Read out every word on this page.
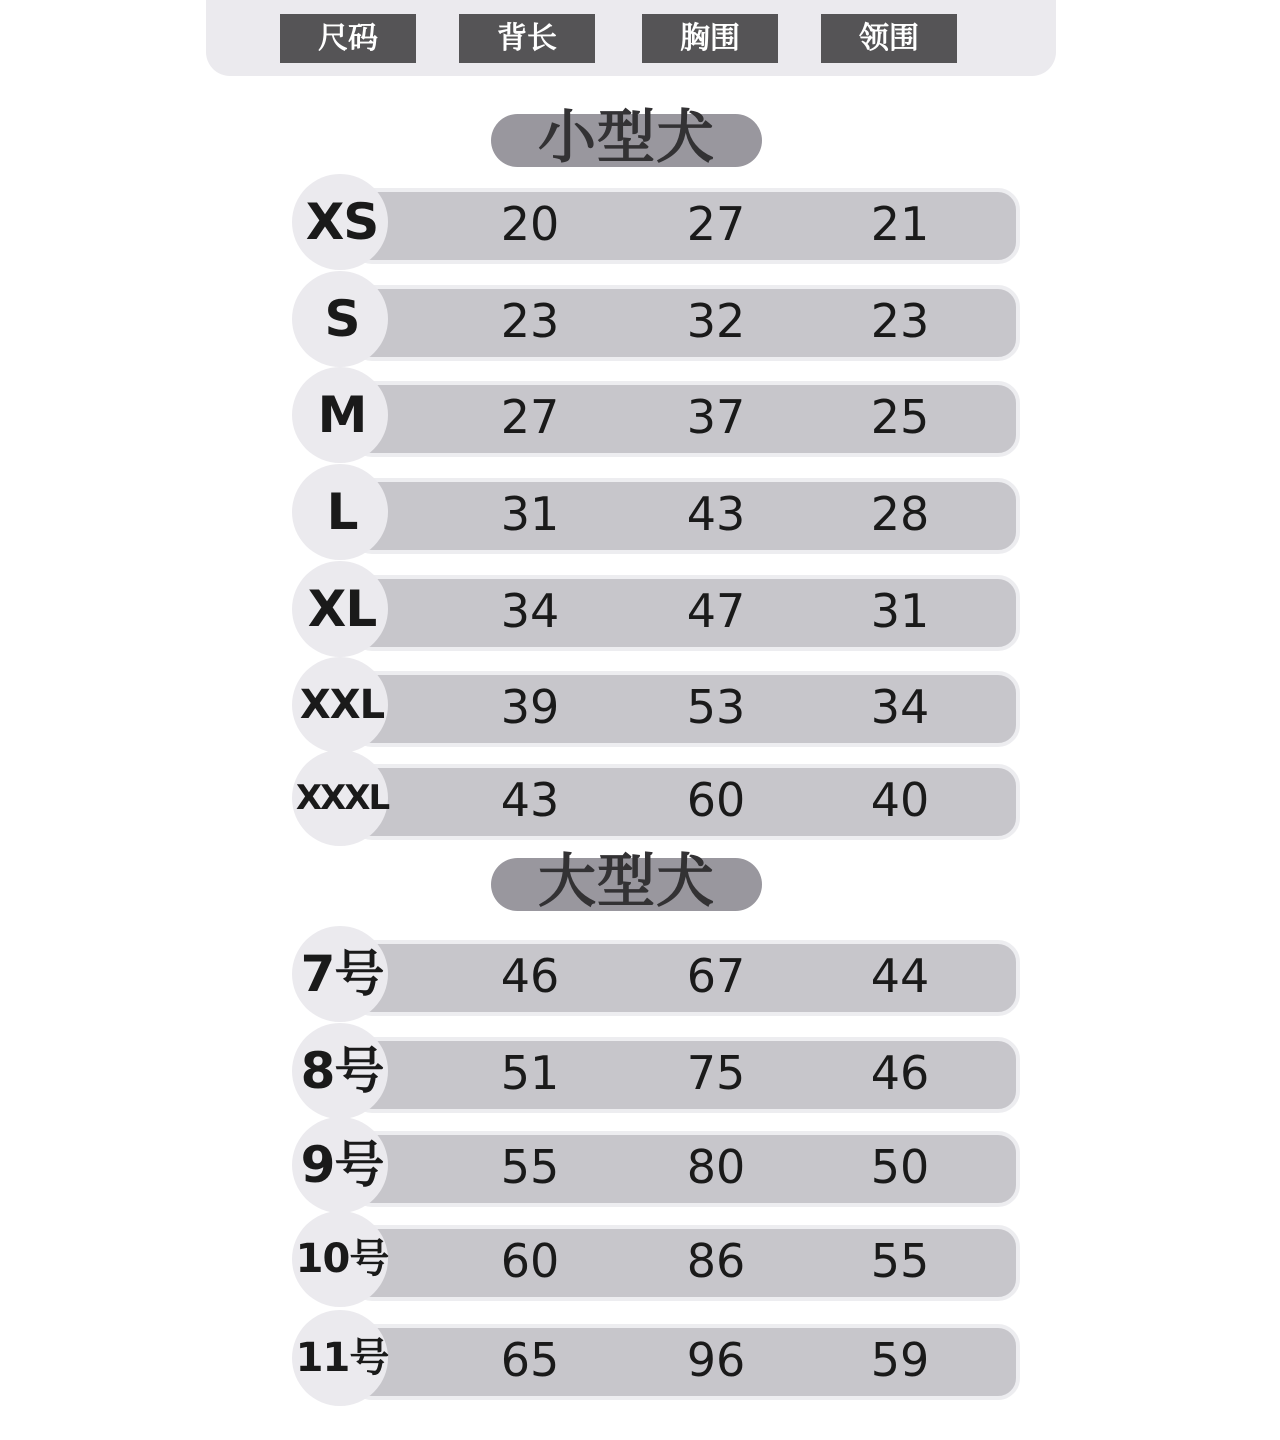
尺码	背长	胸围	领围
小型犬
XS	20	27	21
S	23	32	23
M	27	37	25
L	31	43	28
XL	34	47	31
XXL	39	53	34
XXXL	43	60	40
大型犬
7号	46	67	44
8号	51	75	46
9号	55	80	50
10号	60	86	55
11号	65	96	59
